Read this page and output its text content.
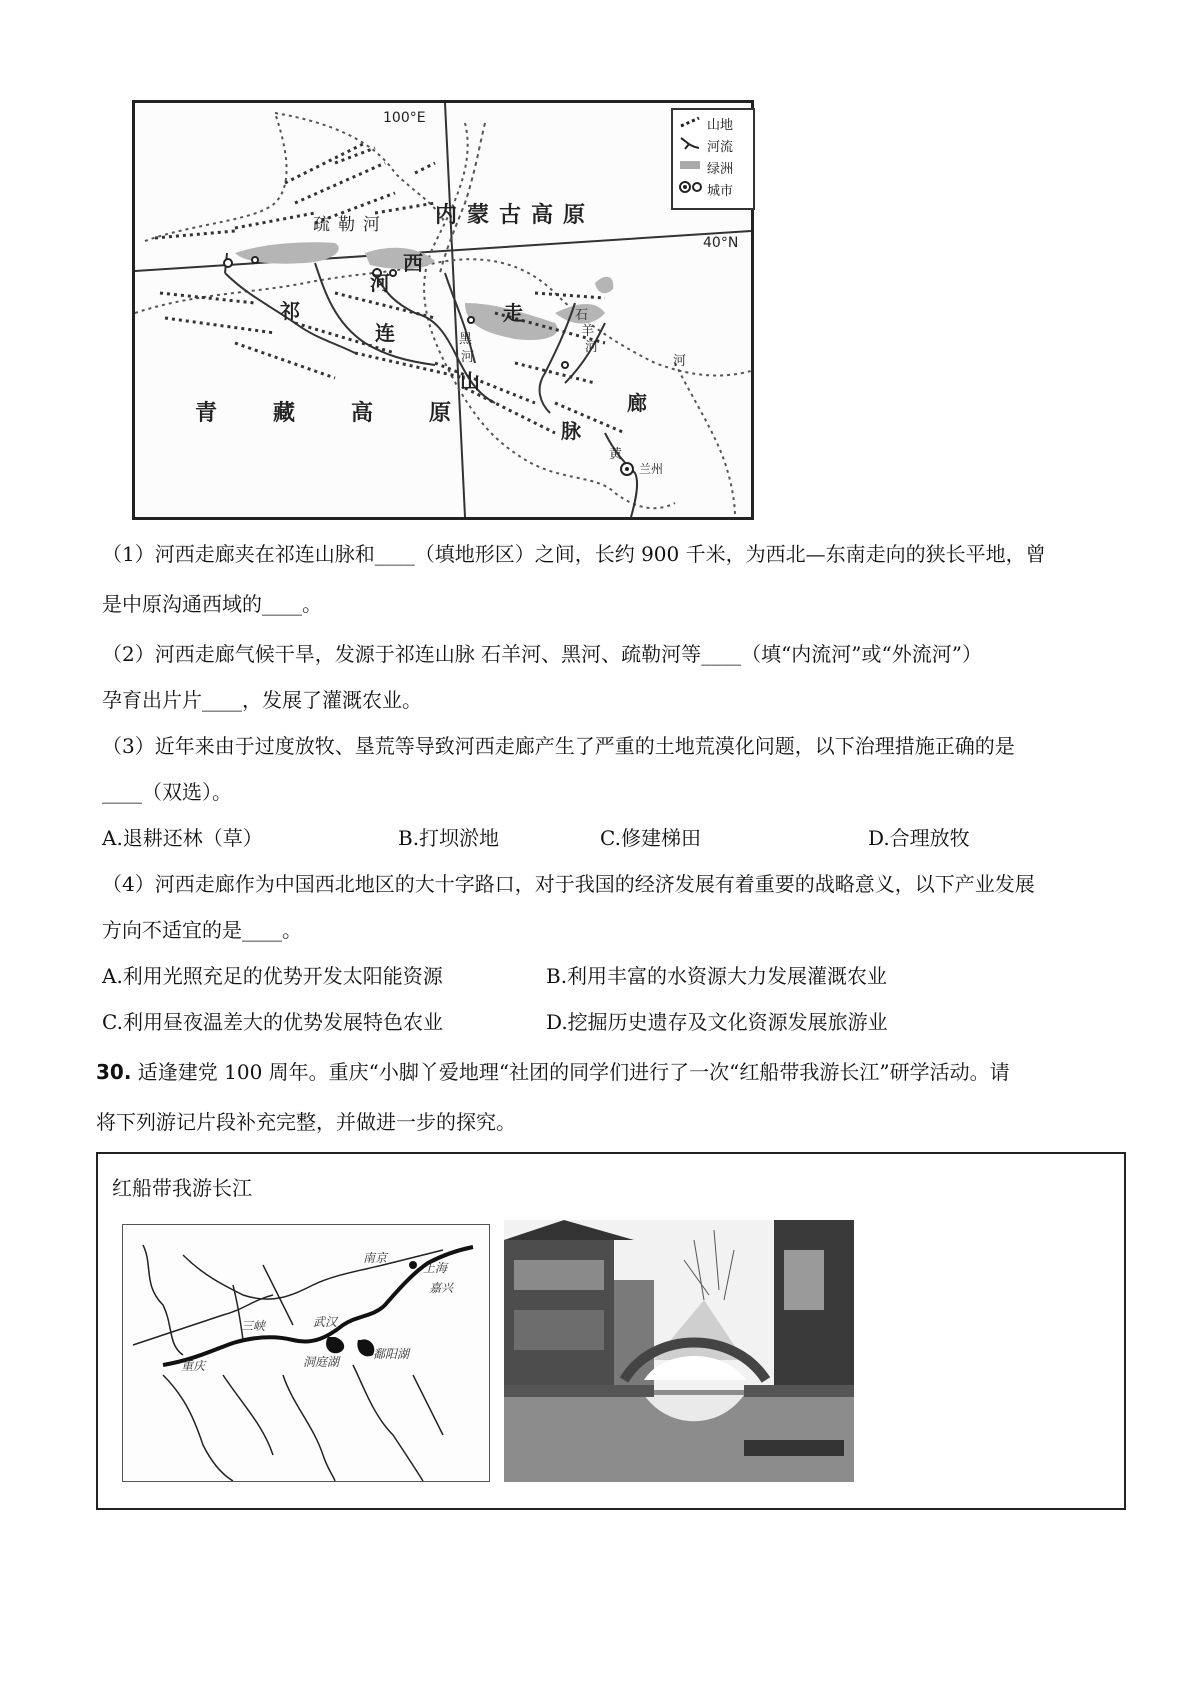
100°E
40°N
内蒙古高原
青藏高原
疏勒河
河
西
走
廊
祁
连
山
脉
黑
河
石
羊
河
河
黄
兰州
山地
河流
绿洲
城市
（1）河西走廊夹在祁连山脉和____（填地形区）之间，长约 900 千米，为西北—东南走向的狭长平地，曾
是中原沟通西域的____。
（2）河西走廊气候干旱，发源于祁连山脉 石羊河、黑河、疏勒河等____（填“内流河”或“外流河”）
孕育出片片____，发展了灌溉农业。
（3）近年来由于过度放牧、垦荒等导致河西走廊产生了严重的土地荒漠化问题，以下治理措施正确的是
____（双选）。
A.退耕还林（草）	B.打坝淤地	C.修建梯田	D.合理放牧
（4）河西走廊作为中国西北地区的大十字路口，对于我国的经济发展有着重要的战略意义，以下产业发展
方向不适宜的是____。
A.利用光照充足的优势开发太阳能资源	B.利用丰富的水资源大力发展灌溉农业
C.利用昼夜温差大的优势发展特色农业	D.挖掘历史遗存及文化资源发展旅游业
30. 适逢建党 100 周年。重庆“小脚丫爱地理“社团的同学们进行了一次“红船带我游长江”研学活动。请
将下列游记片段补充完整，并做进一步的探究。
红船带我游长江
重庆
三峡	武汉
洞庭湖
鄱阳湖
南京
上海
嘉兴
